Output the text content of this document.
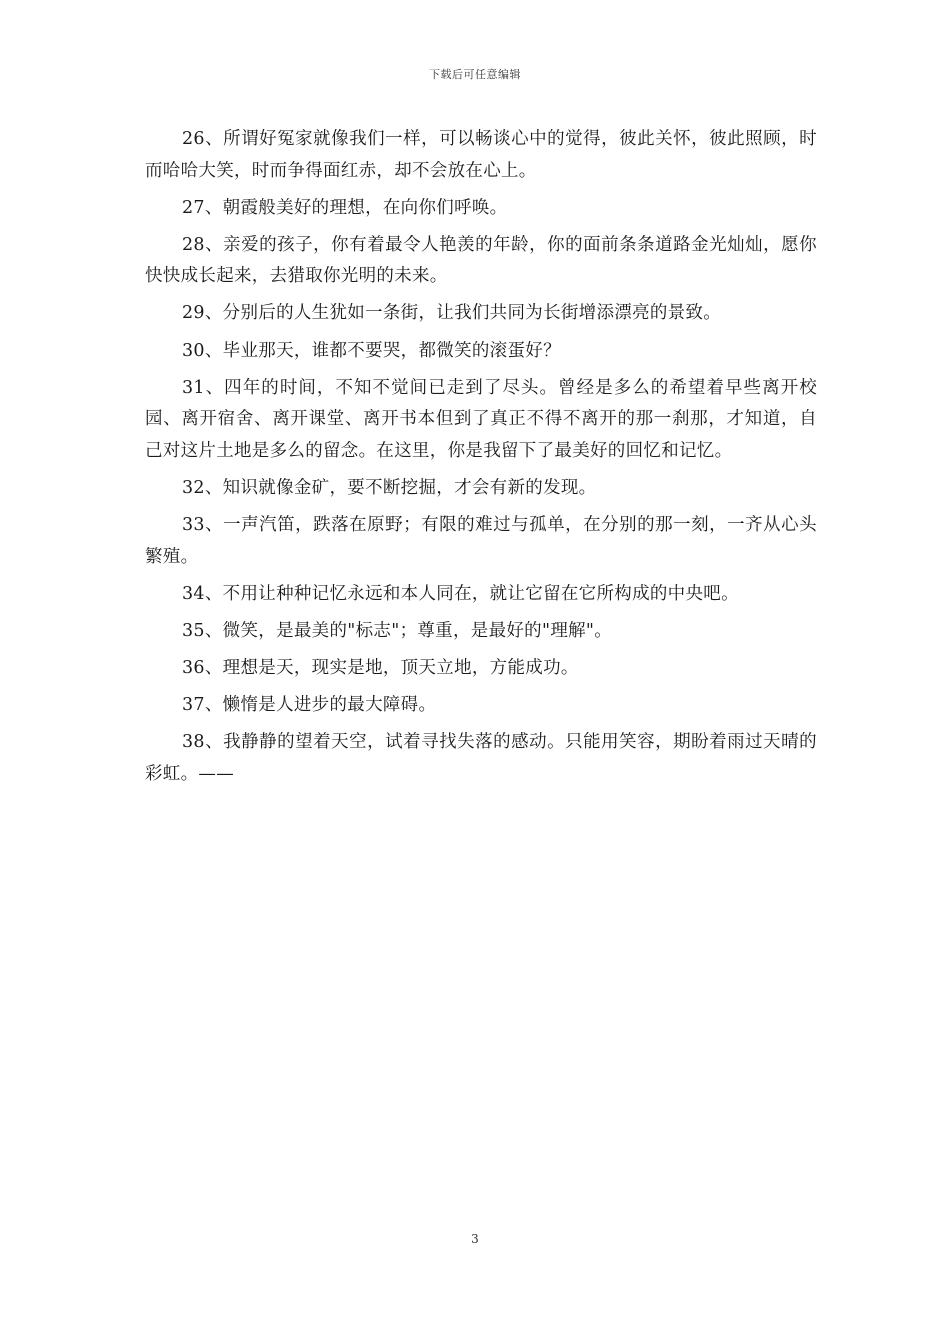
下载后可任意编辑

26、所谓好冤家就像我们一样，可以畅谈心中的觉得，彼此关怀，彼此照顾，时而哈哈大笑，时而争得面红赤，却不会放在心上。

27、朝霞般美好的理想，在向你们呼唤。

28、亲爱的孩子，你有着最令人艳羡的年龄，你的面前条条道路金光灿灿，愿你快快成长起来，去猎取你光明的未来。

29、分别后的人生犹如一条街，让我们共同为长街增添漂亮的景致。

30、毕业那天，谁都不要哭，都微笑的滚蛋好？

31、四年的时间，不知不觉间已走到了尽头。曾经是多么的希望着早些离开校园、离开宿舍、离开课堂、离开书本但到了真正不得不离开的那一刹那，才知道，自己对这片土地是多么的留念。在这里，你是我留下了最美好的回忆和记忆。

32、知识就像金矿，要不断挖掘，才会有新的发现。

33、一声汽笛，跌落在原野；有限的难过与孤单，在分别的那一刻，一齐从心头繁殖。

34、不用让种种记忆永远和本人同在，就让它留在它所构成的中央吧。

35、微笑，是最美的"标志"；尊重，是最好的"理解"。

36、理想是天，现实是地，顶天立地，方能成功。

37、懒惰是人进步的最大障碍。

38、我静静的望着天空，试着寻找失落的感动。只能用笑容，期盼着雨过天晴的彩虹。——

3
